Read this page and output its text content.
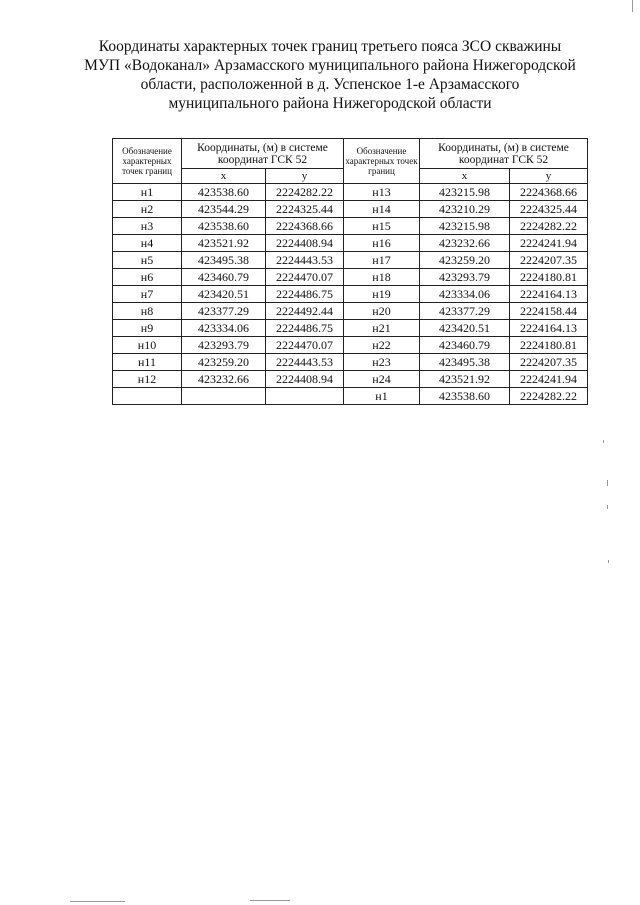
Координаты характерных точек границ третьего пояса ЗСО скважины
МУП «Водоканал» Арзамасского муниципального района Нижегородской
области, расположенной в д. Успенское 1-е Арзамасского
муниципального района Нижегородской области
Обозначение характерных точек границ	Координаты, (м) в системе координат ГСК 52		Обозначение характерных точек границ	Координаты, (м) в системе координат ГСК 52	
	х	у		х	у
н1	423538.60	2224282.22	н13	423215.98	2224368.66
н2	423544.29	2224325.44	н14	423210.29	2224325.44
н3	423538.60	2224368.66	н15	423215.98	2224282.22
н4	423521.92	2224408.94	н16	423232.66	2224241.94
н5	423495.38	2224443.53	н17	423259.20	2224207.35
н6	423460.79	2224470.07	н18	423293.79	2224180.81
н7	423420.51	2224486.75	н19	423334.06	2224164.13
н8	423377.29	2224492.44	н20	423377.29	2224158.44
н9	423334.06	2224486.75	н21	423420.51	2224164.13
н10	423293.79	2224470.07	н22	423460.79	2224180.81
н11	423259.20	2224443.53	н23	423495.38	2224207.35
н12	423232.66	2224408.94	н24	423521.92	2224241.94
			н1	423538.60	2224282.22
